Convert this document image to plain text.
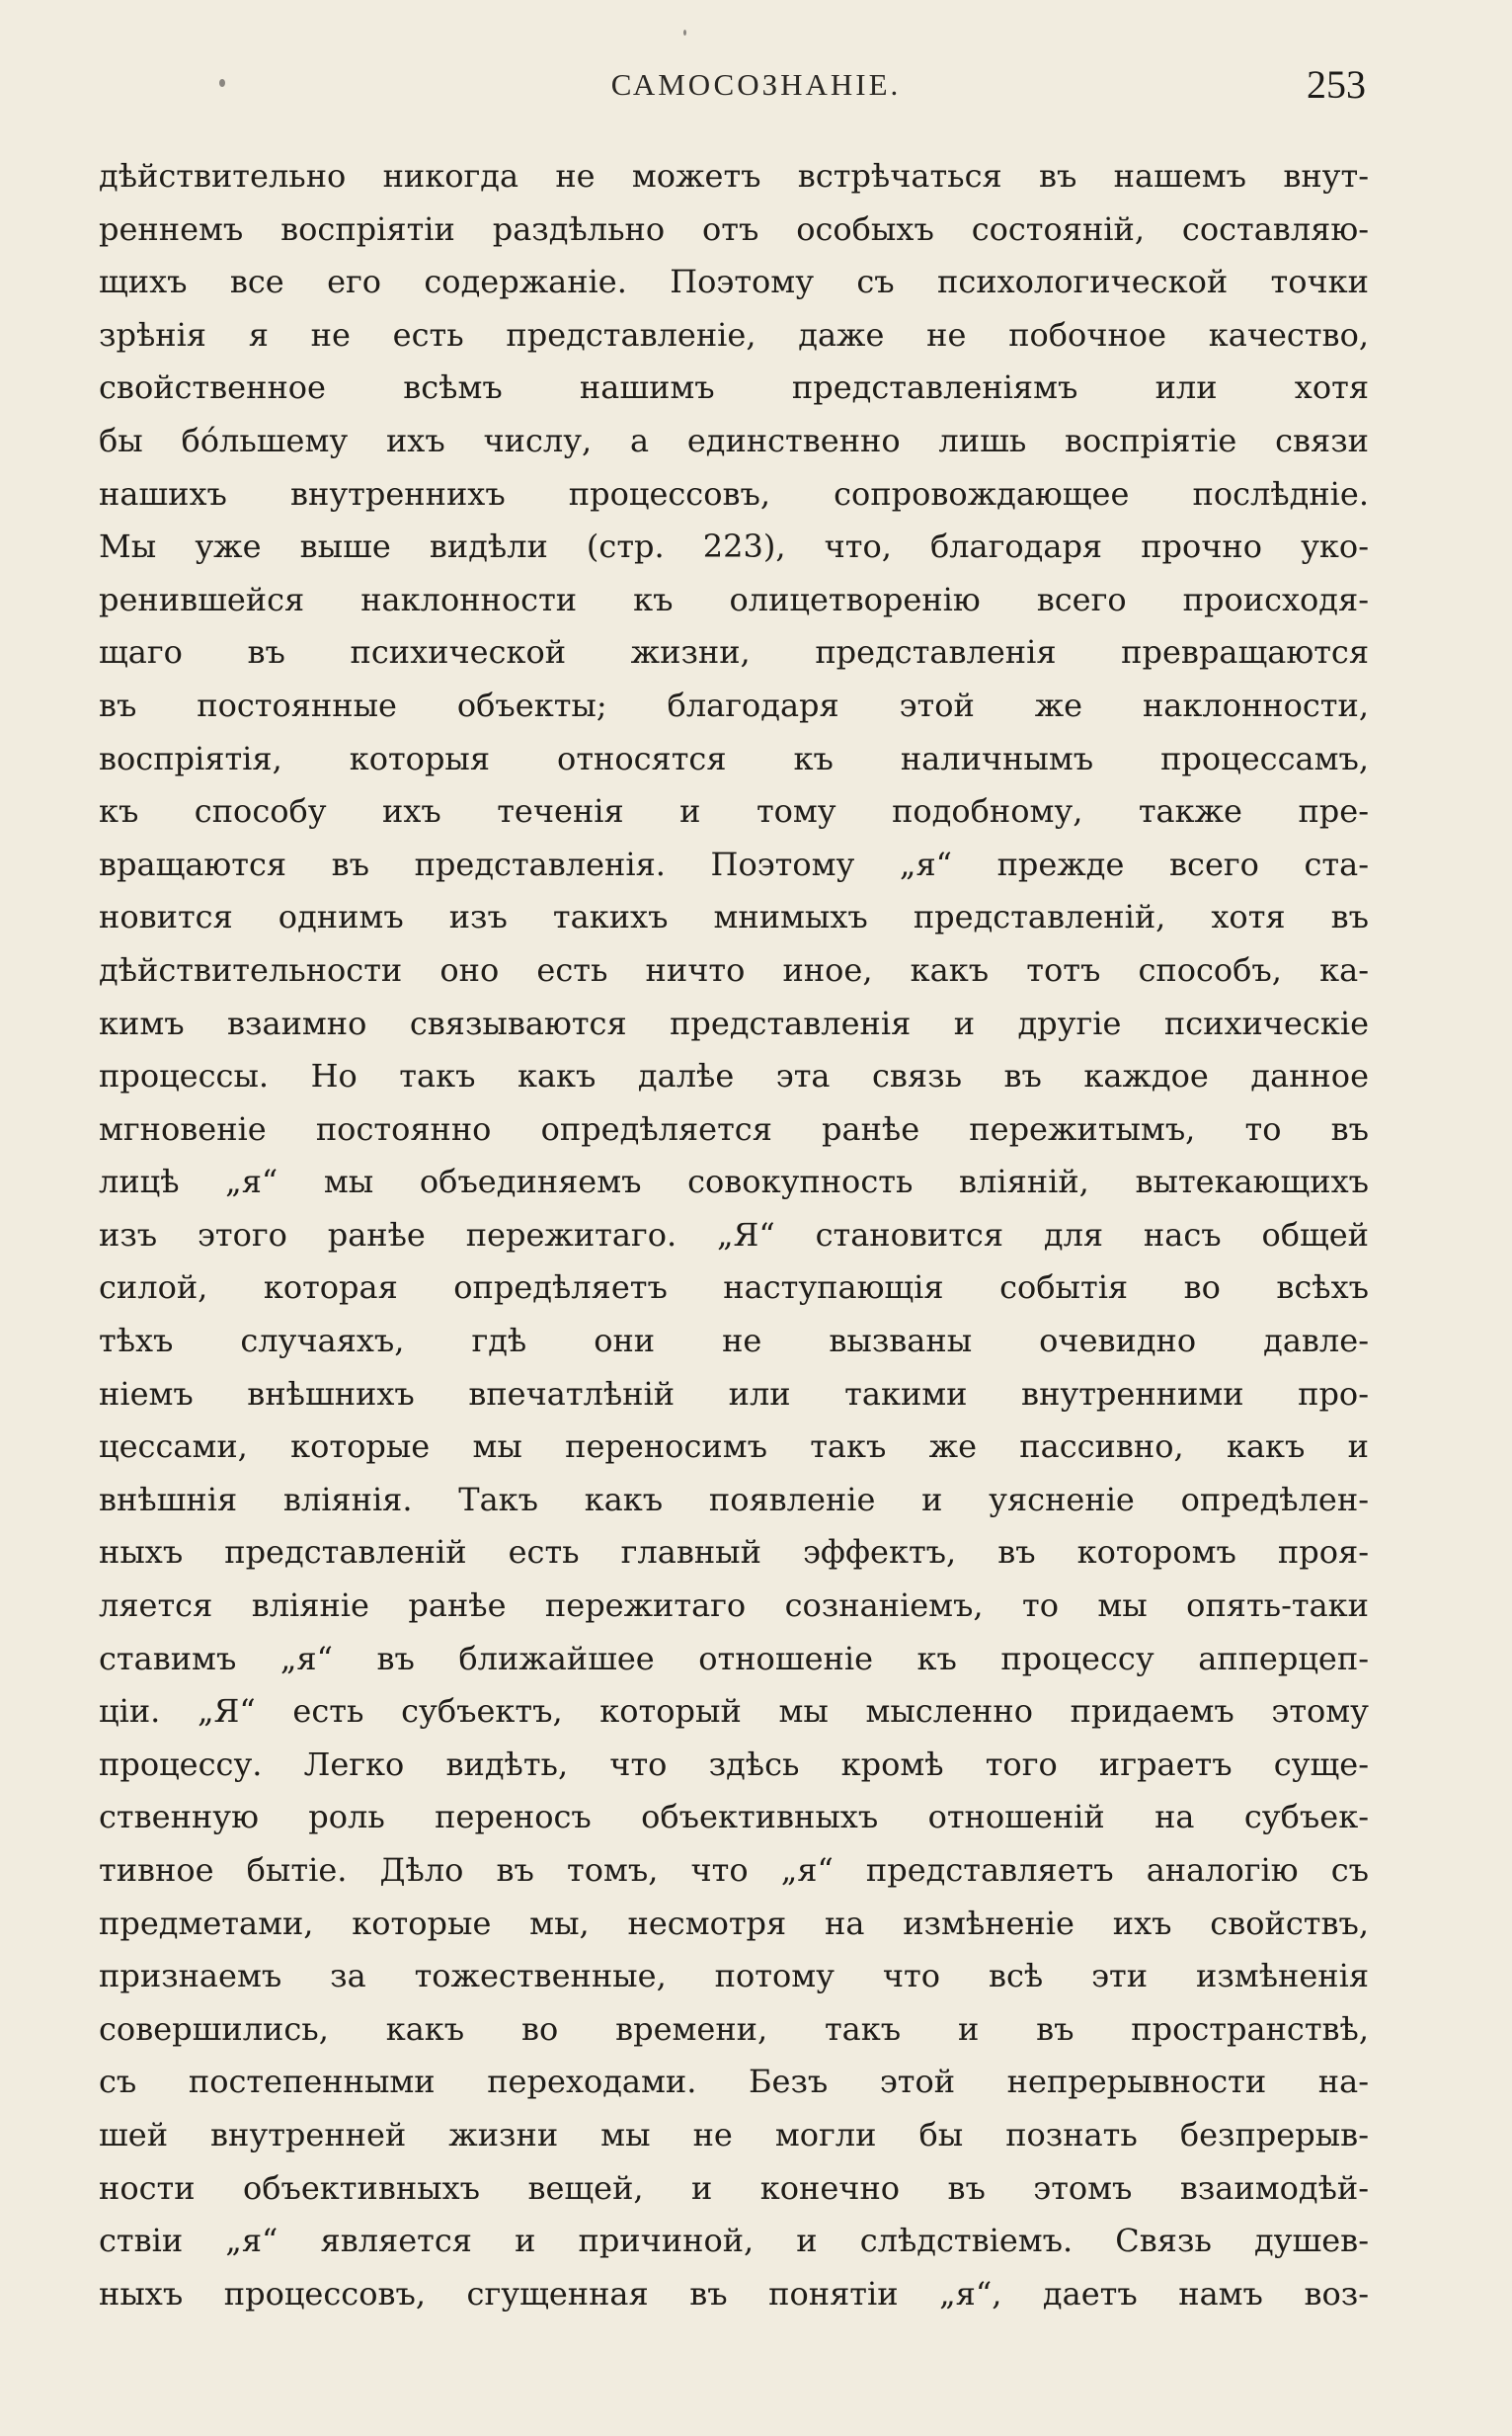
САМОСОЗНАНІЕ.	253
дѣйствительно никогда не можетъ встрѣчаться въ нашемъ внут-
реннемъ воспріятіи раздѣльно отъ особыхъ состояній, составляю-
щихъ все его содержаніе. Поэтому съ психологической точки
зрѣнія я не есть представленіе, даже не побочное качество,
свойственное всѣмъ нашимъ представленіямъ или хотя
бы бóльшему ихъ числу, а единственно лишь воспріятіе связи
нашихъ внутреннихъ процессовъ, сопровождающее послѣдніе.
Мы уже выше видѣли (стр. 223), что, благодаря прочно уко-
ренившейся наклонности къ олицетворенію всего происходя-
щаго въ психической жизни, представленія превращаются
въ постоянные объекты; благодаря этой же наклонности,
воспріятія, которыя относятся къ наличнымъ процессамъ,
къ способу ихъ теченія и тому подобному, также пре-
вращаются въ представленія. Поэтому „я“ прежде всего ста-
новится однимъ изъ такихъ мнимыхъ представленій, хотя въ
дѣйствительности оно есть ничто иное, какъ тотъ способъ, ка-
кимъ взаимно связываются представленія и другіе психическіе
процессы. Но такъ какъ далѣе эта связь въ каждое данное
мгновеніе постоянно опредѣляется ранѣе пережитымъ, то въ
лицѣ „я“ мы объединяемъ совокупность вліяній, вытекающихъ
изъ этого ранѣе пережитаго. „Я“ становится для насъ общей
силой, которая опредѣляетъ наступающія событія во всѣхъ
тѣхъ случаяхъ, гдѣ они не вызваны очевидно давле-
ніемъ внѣшнихъ впечатлѣній или такими внутренними про-
цессами, которые мы переносимъ такъ же пассивно, какъ и
внѣшнія вліянія. Такъ какъ появленіе и уясненіе опредѣлен-
ныхъ представленій есть главный эффектъ, въ которомъ проя-
ляется вліяніе ранѣе пережитаго сознаніемъ, то мы опять-таки
ставимъ „я“ въ ближайшее отношеніе къ процессу апперцеп-
ціи. „Я“ есть субъектъ, который мы мысленно придаемъ этому
процессу. Легко видѣть, что здѣсь кромѣ того играетъ суще-
ственную роль переносъ объективныхъ отношеній на субъек-
тивное бытіе. Дѣло въ томъ, что „я“ представляетъ аналогію съ
предметами, которые мы, несмотря на измѣненіе ихъ свойствъ,
признаемъ за тожественные, потому что всѣ эти измѣненія
совершились, какъ во времени, такъ и въ пространствѣ,
съ постепенными переходами. Безъ этой непрерывности на-
шей внутренней жизни мы не могли бы познать безпрерыв-
ности объективныхъ вещей, и конечно въ этомъ взаимодѣй-
ствіи „я“ является и причиной, и слѣдствіемъ. Связь душев-
ныхъ процессовъ, сгущенная въ понятіи „я“, даетъ намъ воз-
